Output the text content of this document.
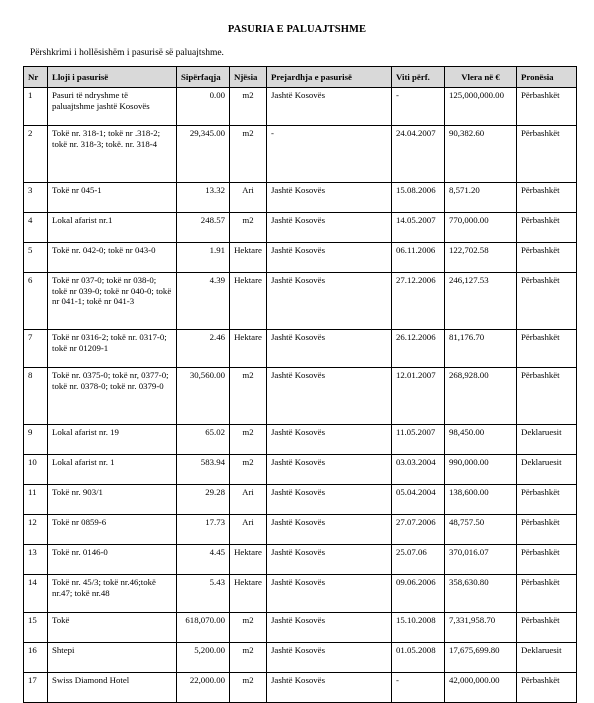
PASURIA E PALUAJTSHME
Përshkrimi i hollësishëm i pasurisë së paluajtshme.
Nr	Lloji i pasurisë	Sipërfaqja	Njësia	Prejardhja e pasurisë	Viti përf.	Vlera në €	Pronësia
1	Pasuri të ndryshme të paluajtshme jashtë Kosovës	0.00	m2	Jashtë Kosovës	-	125,000,000.00	Përbashkët
2	Tokë nr. 318-1; tokë nr .318-2; tokë nr. 318-3; tokë. nr. 318-4	29,345.00	m2	-	24.04.2007	90,382.60	Përbashkët
3	Tokë nr 045-1	13.32	Ari	Jashtë Kosovës	15.08.2006	8,571.20	Përbashkët
4	Lokal afarist nr.1	248.57	m2	Jashtë Kosovës	14.05.2007	770,000.00	Përbashkët
5	Tokë nr. 042-0; tokë nr 043-0	1.91	Hektare	Jashtë Kosovës	06.11.2006	122,702.58	Përbashkët
6	Tokë nr 037-0; tokë nr 038-0; tokë nr 039-0; tokë nr 040-0; tokë nr 041-1; tokë nr 041-3	4.39	Hektare	Jashtë Kosovës	27.12.2006	246,127.53	Përbashkët
7	Tokë nr 0316-2; tokë nr. 0317-0; tokë nr 01209-1	2.46	Hektare	Jashtë Kosovës	26.12.2006	81,176.70	Përbashkët
8	Tokë nr. 0375-0; tokë nr, 0377-0; tokë nr. 0378-0; tokë nr. 0379-0	30,560.00	m2	Jashtë Kosovës	12.01.2007	268,928.00	Përbashkët
9	Lokal afarist nr. 19	65.02	m2	Jashtë Kosovës	11.05.2007	98,450.00	Deklaruesit
10	Lokal afarist nr. 1	583.94	m2	Jashtë Kosovës	03.03.2004	990,000.00	Deklaruesit
11	Tokë nr. 903/1	29.28	Ari	Jashtë Kosovës	05.04.2004	138,600.00	Përbashkët
12	Tokë nr 0859-6	17.73	Ari	Jashtë Kosovës	27.07.2006	48,757.50	Përbashkët
13	Tokë nr. 0146-0	4.45	Hektare	Jashtë Kosovës	25.07.06	370,016.07	Përbashkët
14	Tokë nr. 45/3; tokë nr.46;tokë nr.47; tokë nr.48	5.43	Hektare	Jashtë Kosovës	09.06.2006	358,630.80	Përbashkët
15	Tokë	618,070.00	m2	Jashtë Kosovës	15.10.2008	7,331,958.70	Përbashkët
16	Shtepi	5,200.00	m2	Jashtë Kosovës	01.05.2008	17,675,699.80	Deklaruesit
17	Swiss Diamond Hotel	22,000.00	m2	Jashtë Kosovës	-	42,000,000.00	Përbashkët
